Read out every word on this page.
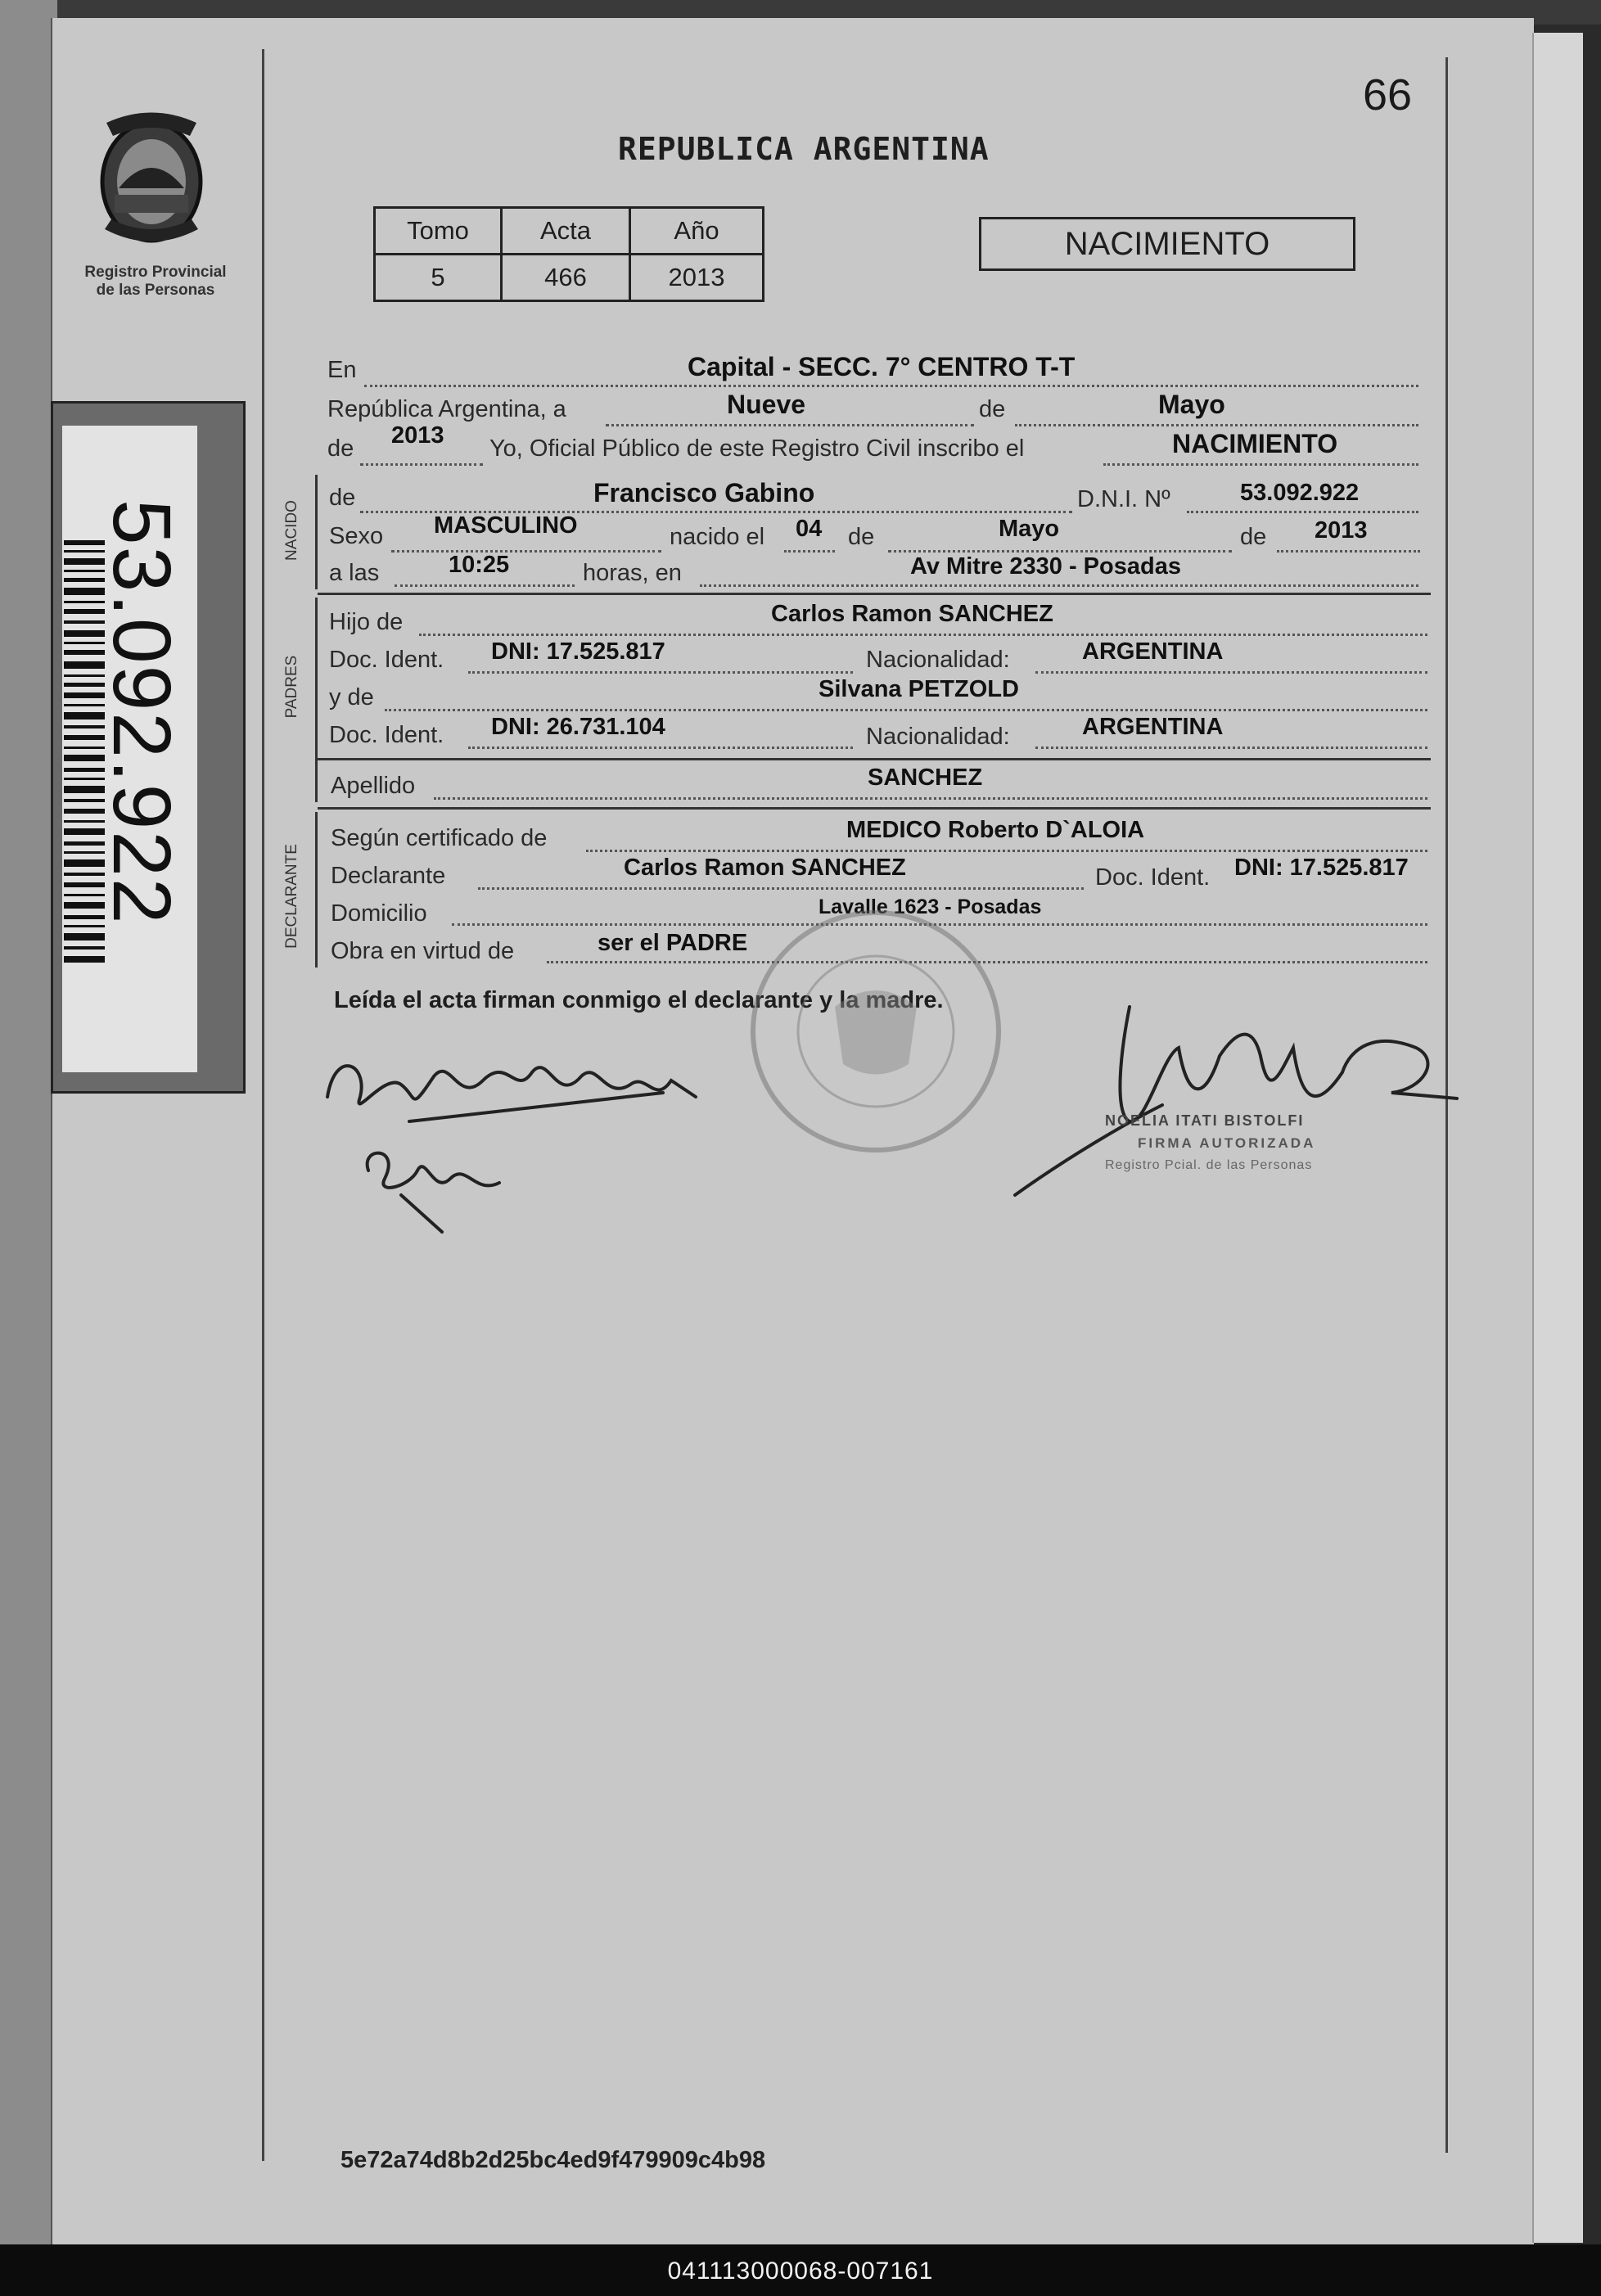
Registro Provincial
de las Personas
53.092.922
66
REPUBLICA ARGENTINA
Tomo	Acta	Año
5	466	2013
NACIMIENTO
En	Capital - SECC. 7° CENTRO T-T
República Argentina, a	Nueve	de	Mayo
de 2013 Yo, Oficial Público de este Registro Civil inscribo el	NACIMIENTO
NACIDO
de	Francisco Gabino	D.N.I. Nº	53.092.922
Sexo MASCULINO	nacido el 04 de	Mayo	de 2013
a las	10:25	horas, en	Av Mitre 2330 - Posadas
PADRES
Hijo de	Carlos Ramon SANCHEZ
Doc. Ident. DNI: 17.525.817	Nacionalidad:	ARGENTINA
y de	Silvana PETZOLD
Doc. Ident. DNI: 26.731.104	Nacionalidad:	ARGENTINA
Apellido	SANCHEZ
DECLARANTE
Según certificado de	MEDICO Roberto D`ALOIA
Declarante	Carlos Ramon SANCHEZ	Doc. Ident. DNI: 17.525.817
Domicilio	Lavalle 1623 - Posadas
Obra en virtud de	ser el PADRE
Leída el acta firman conmigo el declarante y la madre.
NOELIA ITATI BISTOLFI
FIRMA AUTORIZADA
Registro Pcial. de las Personas
5e72a74d8b2d25bc4ed9f479909c4b98
041113000068-007161
